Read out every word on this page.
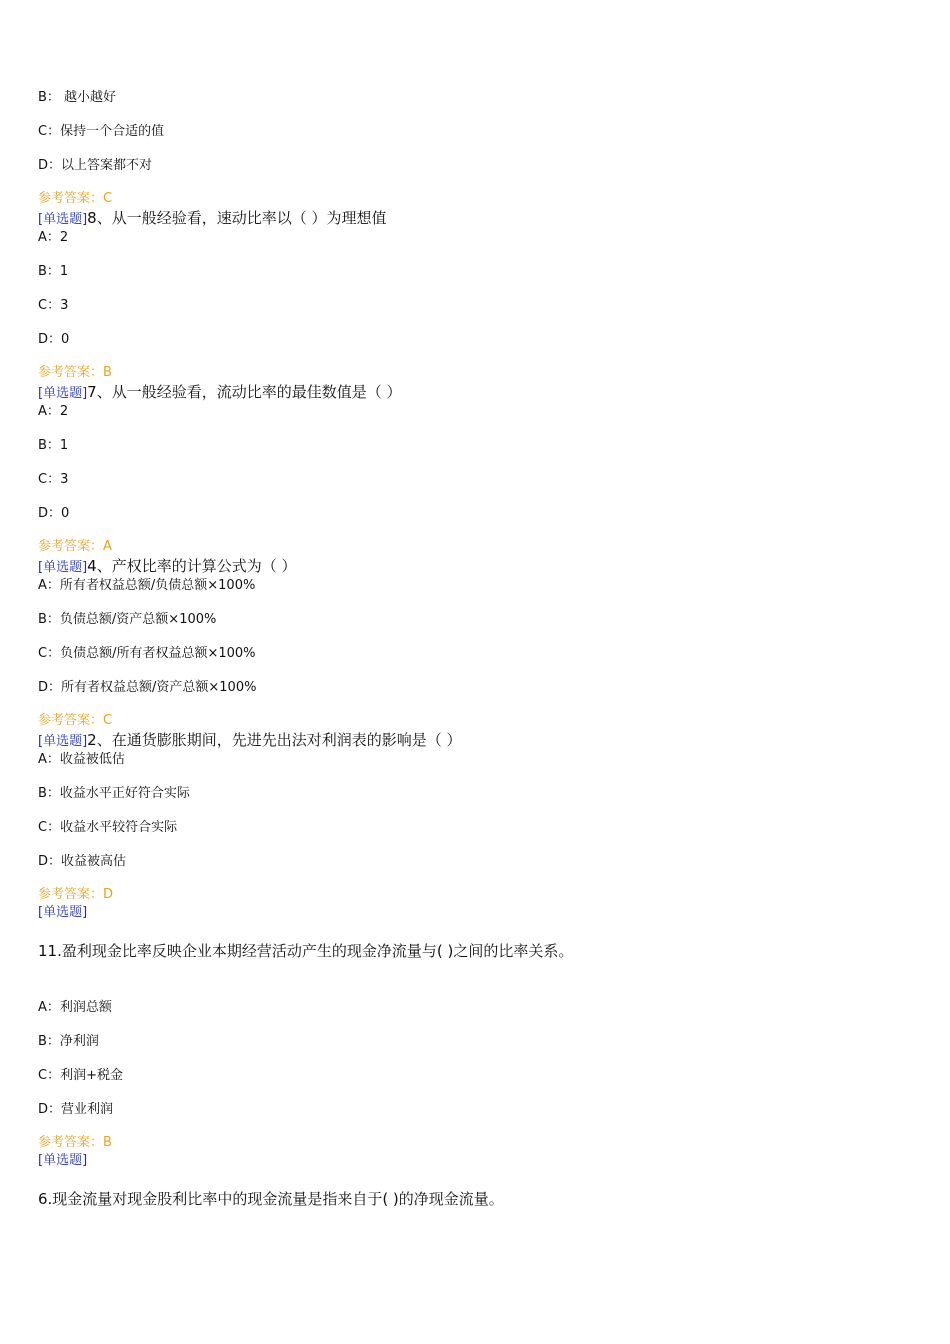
B： 越小越好
C：保持一个合适的值
D：以上答案都不对
参考答案：C
[单选题]8、从一般经验看，速动比率以（ ）为理想值
A：2
B：1
C：3
D：0
参考答案：B
[单选题]7、从一般经验看，流动比率的最佳数值是（ ）
A：2
B：1
C：3
D：0
参考答案：A
[单选题]4、产权比率的计算公式为（ ）
A：所有者权益总额/负债总额×100%
B：负债总额/资产总额×100%
C：负债总额/所有者权益总额×100%
D：所有者权益总额/资产总额×100%
参考答案：C
[单选题]2、在通货膨胀期间，先进先出法对利润表的影响是（ ）
A：收益被低估
B：收益水平正好符合实际
C：收益水平较符合实际
D：收益被高估
参考答案：D
[单选题]
11.盈利现金比率反映企业本期经营活动产生的现金净流量与( )之间的比率关系。
A：利润总额
B：净利润
C：利润+税金
D：营业利润
参考答案：B
[单选题]
6.现金流量对现金股利比率中的现金流量是指来自于( )的净现金流量。
